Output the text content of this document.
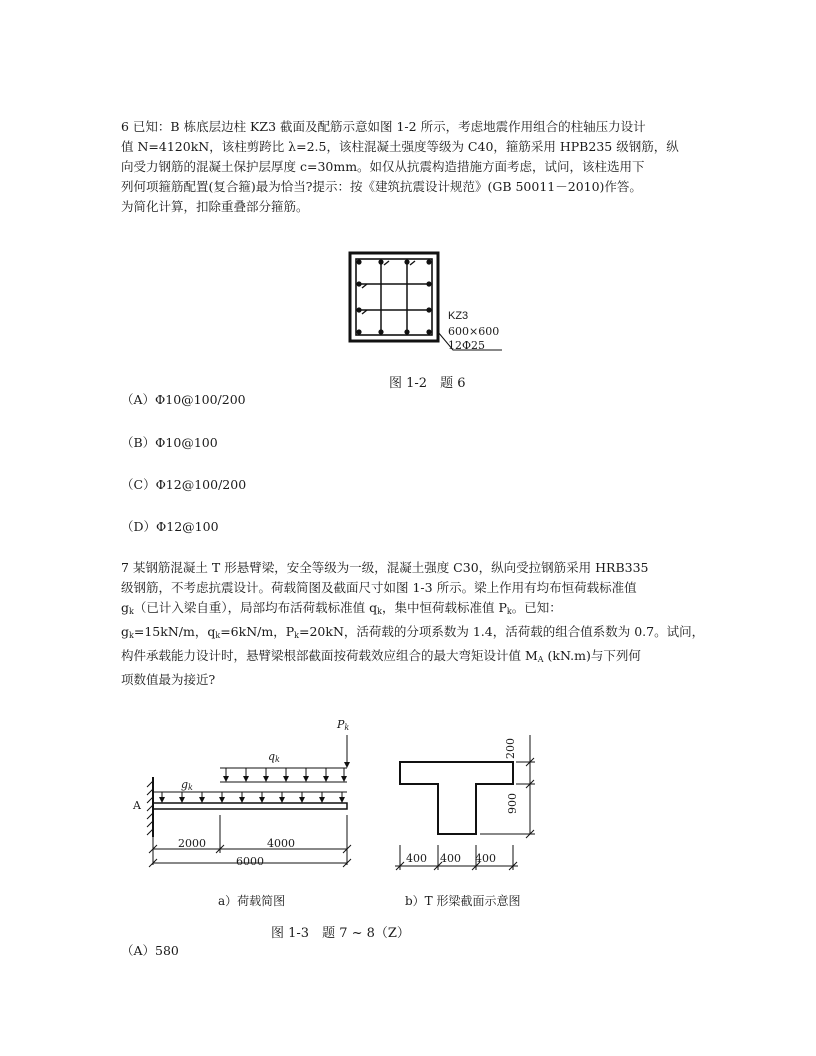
6 已知：B 栋底层边柱 KZ3 截面及配筋示意如图 1-2 所示，考虑地震作用组合的柱轴压力设计
值 N=4120kN，该柱剪跨比 λ=2.5，该柱混凝土强度等级为 C40，箍筋采用 HPB235 级钢筋，纵
向受力钢筋的混凝土保护层厚度 c=30mm。如仅从抗震构造措施方面考虑，试问，该柱选用下
列何项箍筋配置(复合箍)最为恰当?提示：按《建筑抗震设计规范》(GB 50011－2010)作答。
为简化计算，扣除重叠部分箍筋。
KZ3
600×600
12Φ25
图 1-2　题 6
（A）Φ10@100/200
（B）Φ10@100
（C）Φ12@100/200
（D）Φ12@100
7 某钢筋混凝土 T 形悬臂梁，安全等级为一级，混凝土强度 C30，纵向受拉钢筋采用 HRB335
级钢筋，不考虑抗震设计。荷载简图及截面尺寸如图 1-3 所示。梁上作用有均布恒荷载标准值
$g_k$（已计入梁自重），局部均布活荷载标准值 $q_k$，集中恒荷载标准值 $P_k$。已知：
$g_k=15kN/m$，$q_k=6kN/m$，$P_k=20kN$，活荷载的分项系数为 1.4，活荷载的组合值系数为 0.7。试问，
构件承载能力设计时，悬臂梁根部截面按荷载效应组合的最大弯矩设计值 $M_A$ (kN.m)与下列何
项数值最为接近?
$P_k$
$q_k$
$g_k$
A
2000	4000
6000
a）荷载简图
200
900
400 400 400
b）T 形梁截面示意图
图 1-3　题 7 ~ 8（Z）
（A）580
